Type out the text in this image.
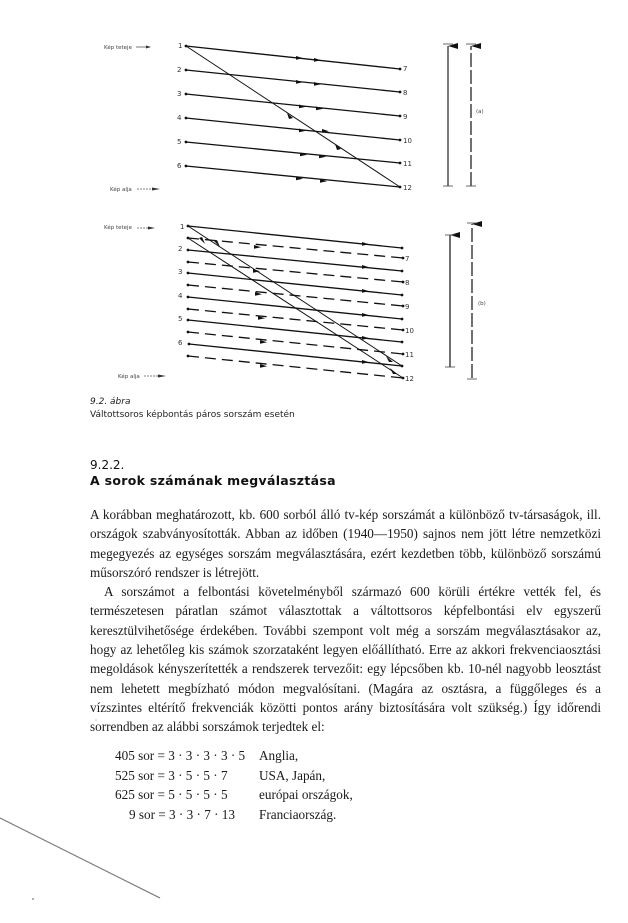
Kép teteje
Kép alja
1
2
3
4
5
6
7
8
9
10
11
12
(a)
Kép teteje
Kép alja
1
2
3
4
5
6
7
8
9
10
11
12
(b)
9.2. ábra
Váltottsoros képbontás páros sorszám esetén
9.2.2.
A sorok számának megválasztása

A korábban meghatározott, kb. 600 sorból álló tv-kép sorszámát a különböző tv-társaságok, ill. országok szabványosították. Abban az időben (1940—1950) sajnos nem jött létre nemzetközi megegyezés az egységes sorszám megválasztására, ezért kezdetben több, különböző sorszámú műsorszóró rendszer is létrejött.

A sorszámot a felbontási követelményből származó 600 körüli értékre vették fel, és természetesen páratlan számot választottak a váltottsoros képfelbontási elv egyszerű keresztülvihetősége érdekében. További szempont volt még a sorszám megválasztásakor az, hogy az lehetőleg kis számok szorzataként legyen előállítható. Erre az akkori frekvenciaosztási megoldások kényszerítették a rendszerek tervezőit: egy lépcsőben kb. 10-nél nagyobb leosztást nem lehetett megbízható módon megvalósítani. (Magára az osztásra, a függőleges és a vízszintes eltérítő frekvenciák közötti pontos arány biztosítására volt szükség.) Így időrendi sorrendben az alábbi sorszámok terjedtek el:

405 sor = 3 · 3 · 3 · 3 · 5	Anglia,
525 sor = 3 · 5 · 5 · 7	USA, Japán,
625 sor = 5 · 5 · 5 · 5	európai országok,
9 sor = 3 · 3 · 7 · 13	Franciaország.
